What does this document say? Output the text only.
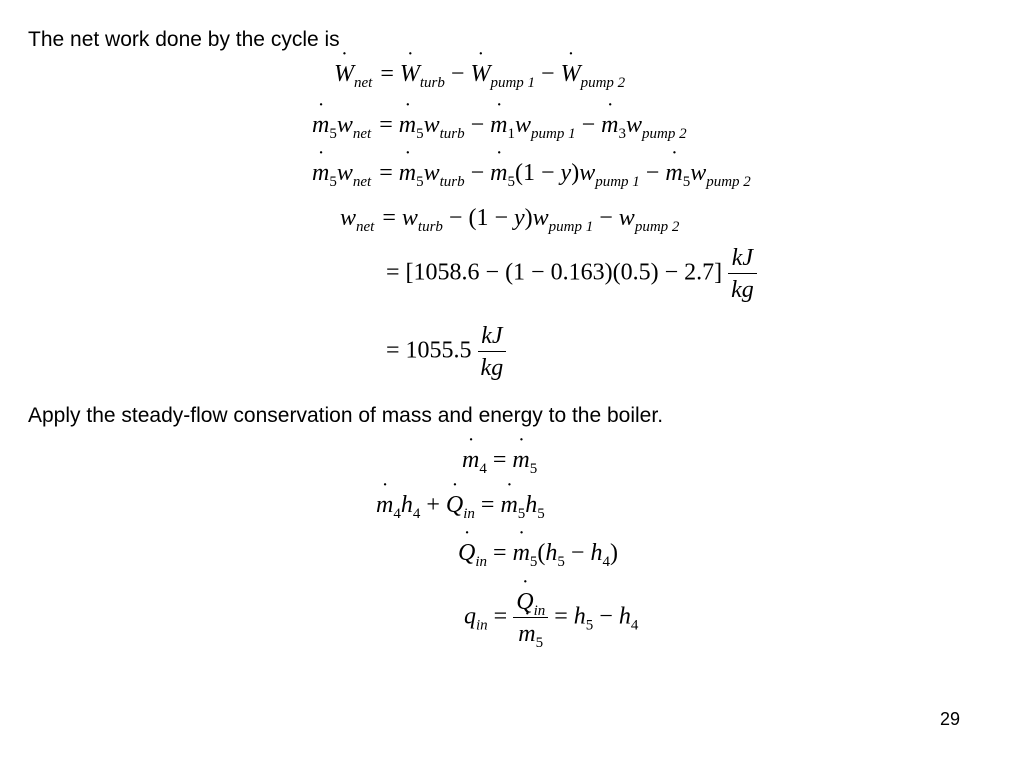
The net work done by the cycle is
˙ $W_{net}$ = ˙ $W_{turb}$ − ˙ $W_{pump 1}$ − ˙ $W_{pump 2}$
˙ $m_5w_{net}$ = ˙ $m_5w_{turb}$ − ˙ $m_1w_{pump 1}$ − ˙ $m_3w_{pump 2}$
˙ $m_5w_{net}$ = ˙ $m_5w_{turb}$ − ˙ $m_5(1 - y)w_{pump 1}$ − ˙ $m_5w_{pump 2}$
$w_{net} = w_{turb} - (1 - y)w_{pump 1} - w_{pump 2}$
= $[1058.6 - (1 - 0.163)(0.5) - 2.7] \frac{kJ}{kg}$
= $1055.5 \frac{kJ}{kg}$
Apply the steady-flow conservation of mass and energy to the boiler.
˙ $m_4$ = ˙ $m_5$
˙ $m_4h_4$ + ˙ $Q_{in}$ = ˙ $m_5h_5$
˙ $Q_{in}$ = ˙ $m_5(h_5 - h_4)$
$q_{in}$ =
˙ $Q_{in}$
˙ $m_5 = h_5 - h_4$
29
